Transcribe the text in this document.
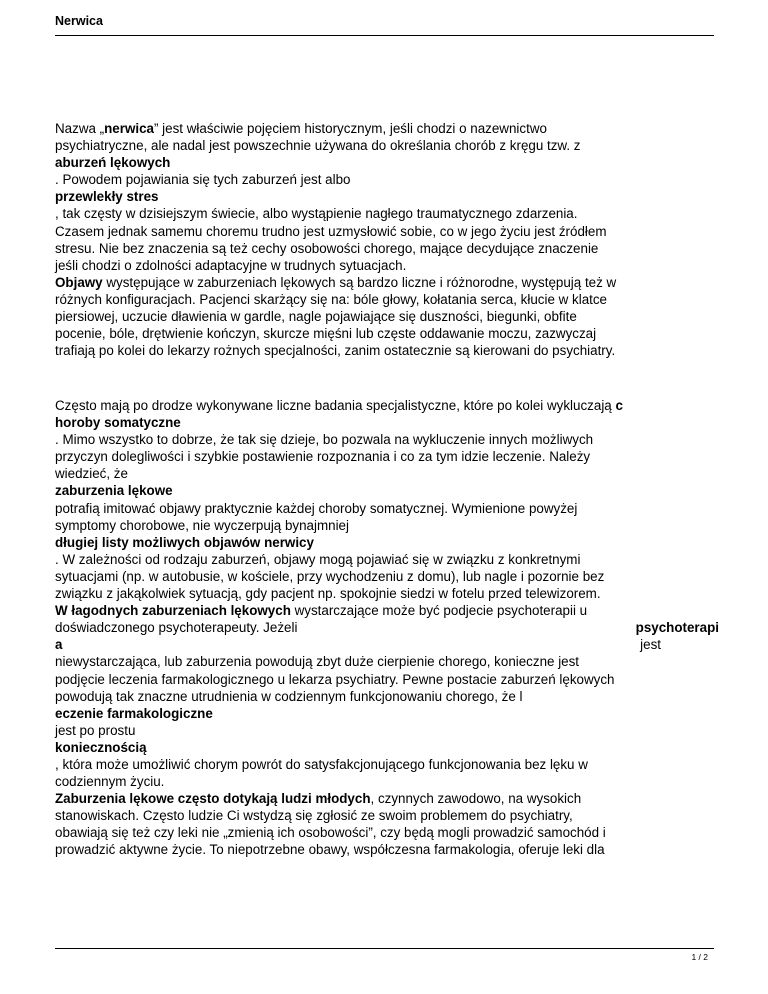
Nerwica
Nazwa „nerwica” jest właściwie pojęciem historycznym, jeśli chodzi o nazewnictwo
psychiatryczne, ale nadal jest powszechnie używana do określania chorób z kręgu tzw. z
aburzeń lękowych
. Powodem pojawiania się tych zaburzeń jest albo
przewlekły stres
, tak częsty w dzisiejszym świecie, albo wystąpienie nagłego traumatycznego zdarzenia.
Czasem jednak samemu choremu trudno jest uzmysłowić sobie, co w jego życiu jest źródłem
stresu. Nie bez znaczenia są też cechy osobowości chorego, mające decydujące znaczenie
jeśli chodzi o zdolności adaptacyjne w trudnych sytuacjach.
Objawy występujące w zaburzeniach lękowych są bardzo liczne i różnorodne, występują też w
różnych konfiguracjach. Pacjenci skarżący się na: bóle głowy, kołatania serca, kłucie w klatce
piersiowej, uczucie dławienia w gardle, nagle pojawiające się duszności, biegunki, obfite
pocenie, bóle, drętwienie kończyn, skurcze mięśni lub częste oddawanie moczu, zazwyczaj
trafiają po kolei do lekarzy rożnych specjalności, zanim ostatecznie są kierowani do psychiatry.
Często mają po drodze wykonywane liczne badania specjalistyczne, które po kolei wykluczają c
horoby somatyczne
. Mimo wszystko to dobrze, że tak się dzieje, bo pozwala na wykluczenie innych możliwych
przyczyn dolegliwości i szybkie postawienie rozpoznania i co za tym idzie leczenie. Należy
wiedzieć, że
zaburzenia lękowe
potrafią imitować objawy praktycznie każdej choroby somatycznej. Wymienione powyżej
symptomy chorobowe, nie wyczerpują bynajmniej
długiej listy możliwych objawów nerwicy
. W zależności od rodzaju zaburzeń, objawy mogą pojawiać się w związku z konkretnymi
sytuacjami (np. w autobusie, w kościele, przy wychodzeniu z domu), lub nagle i pozornie bez
związku z jakąkolwiek sytuacją, gdy pacjent np. spokojnie siedzi w fotelu przed telewizorem.
W łagodnych zaburzeniach lękowych wystarczające może być podjecie psychoterapii u
doświadczonego psychoterapeuty. Jeżeli	psychoterapi
a	jest
niewystarczająca, lub zaburzenia powodują zbyt duże cierpienie chorego, konieczne jest
podjęcie leczenia farmakologicznego u lekarza psychiatry. Pewne postacie zaburzeń lękowych
powodują tak znaczne utrudnienia w codziennym funkcjonowaniu chorego, że l
eczenie farmakologiczne
jest po prostu
koniecznością
, która może umożliwić chorym powrót do satysfakcjonującego funkcjonowania bez lęku w
codziennym życiu.
Zaburzenia lękowe często dotykają ludzi młodych, czynnych zawodowo, na wysokich
stanowiskach. Często ludzie Ci wstydzą się zgłosić ze swoim problemem do psychiatry,
obawiają się też czy leki nie „zmienią ich osobowości”, czy będą mogli prowadzić samochód i
prowadzić aktywne życie. To niepotrzebne obawy, współczesna farmakologia, oferuje leki dla
1 / 2
